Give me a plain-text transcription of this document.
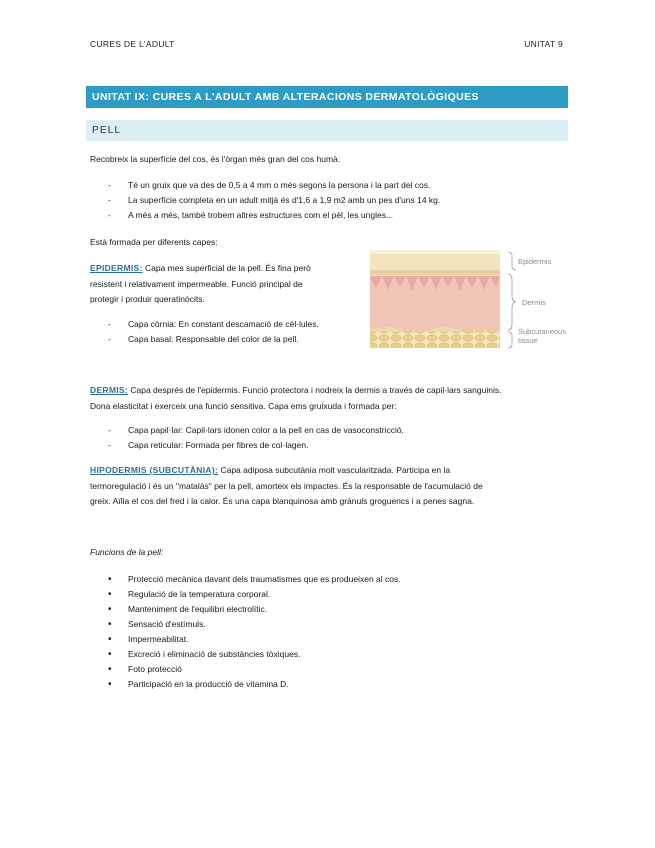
CURES DE L'ADULT	UNITAT 9
UNITAT IX: CURES A L'ADULT AMB ALTERACIONS DERMATOLÒGIQUES
PELL
Recobreix la superfície del cos, és l'òrgan més gran del cos humà.
- Té un gruix que va des de 0,5 a 4 mm o més segons la persona i la part del cos.
- La superfície completa en un adult mitjà és d'1,6 a 1,9 m2 amb un pes d'uns 14 kg.
- A més a més, també trobem altres estructures com el pèl, les ungles...
Està formada per diferents capes:
EPIDERMIS: Capa mes superficial de la pell. És fina però
resistent i relativament impermeable. Funció principal de
protegir i produir queratinòcits.
- Capa còrnia: En constant descamació de cèl·lules.
- Capa basal: Responsable del color de la pell.
Epidermis
Dermis
Subcutaneous
tissue
DERMIS: Capa després de l'epidermis. Funció protectora i nodreix la dermis a través de capil·lars sanguinis.
Dona elasticitat i exerceix una funció sensitiva. Capa ems gruixuda i formada per:
- Capa papil·lar: Capil·lars idonen color a la pell en cas de vasoconstricció.
- Capa reticular: Formada per fibres de col·lagen.
HIPODERMIS (SUBCUTÀNIA): Capa adiposa subcutània molt vascularitzada. Participa en la
termoregulació i és un "matalàs" per la pell, amorteix els impactes. És la responsable de l'acumulació de
greix. Aïlla el cos del fred i la calor. És una capa blanquinosa amb grànuls groguencs i a penes sagna.
Funcions de la pell:
• Protecció mecànica davant dels traumatismes que es produeixen al cos.
• Regulació de la temperatura corporal.
• Manteniment de l'equilibri electrolític.
• Sensació d'estímuls.
• Impermeabilitat.
• Excreció i eliminació de substàncies tòxiques.
• Foto protecció
• Participació en la producció de vitamina D.
